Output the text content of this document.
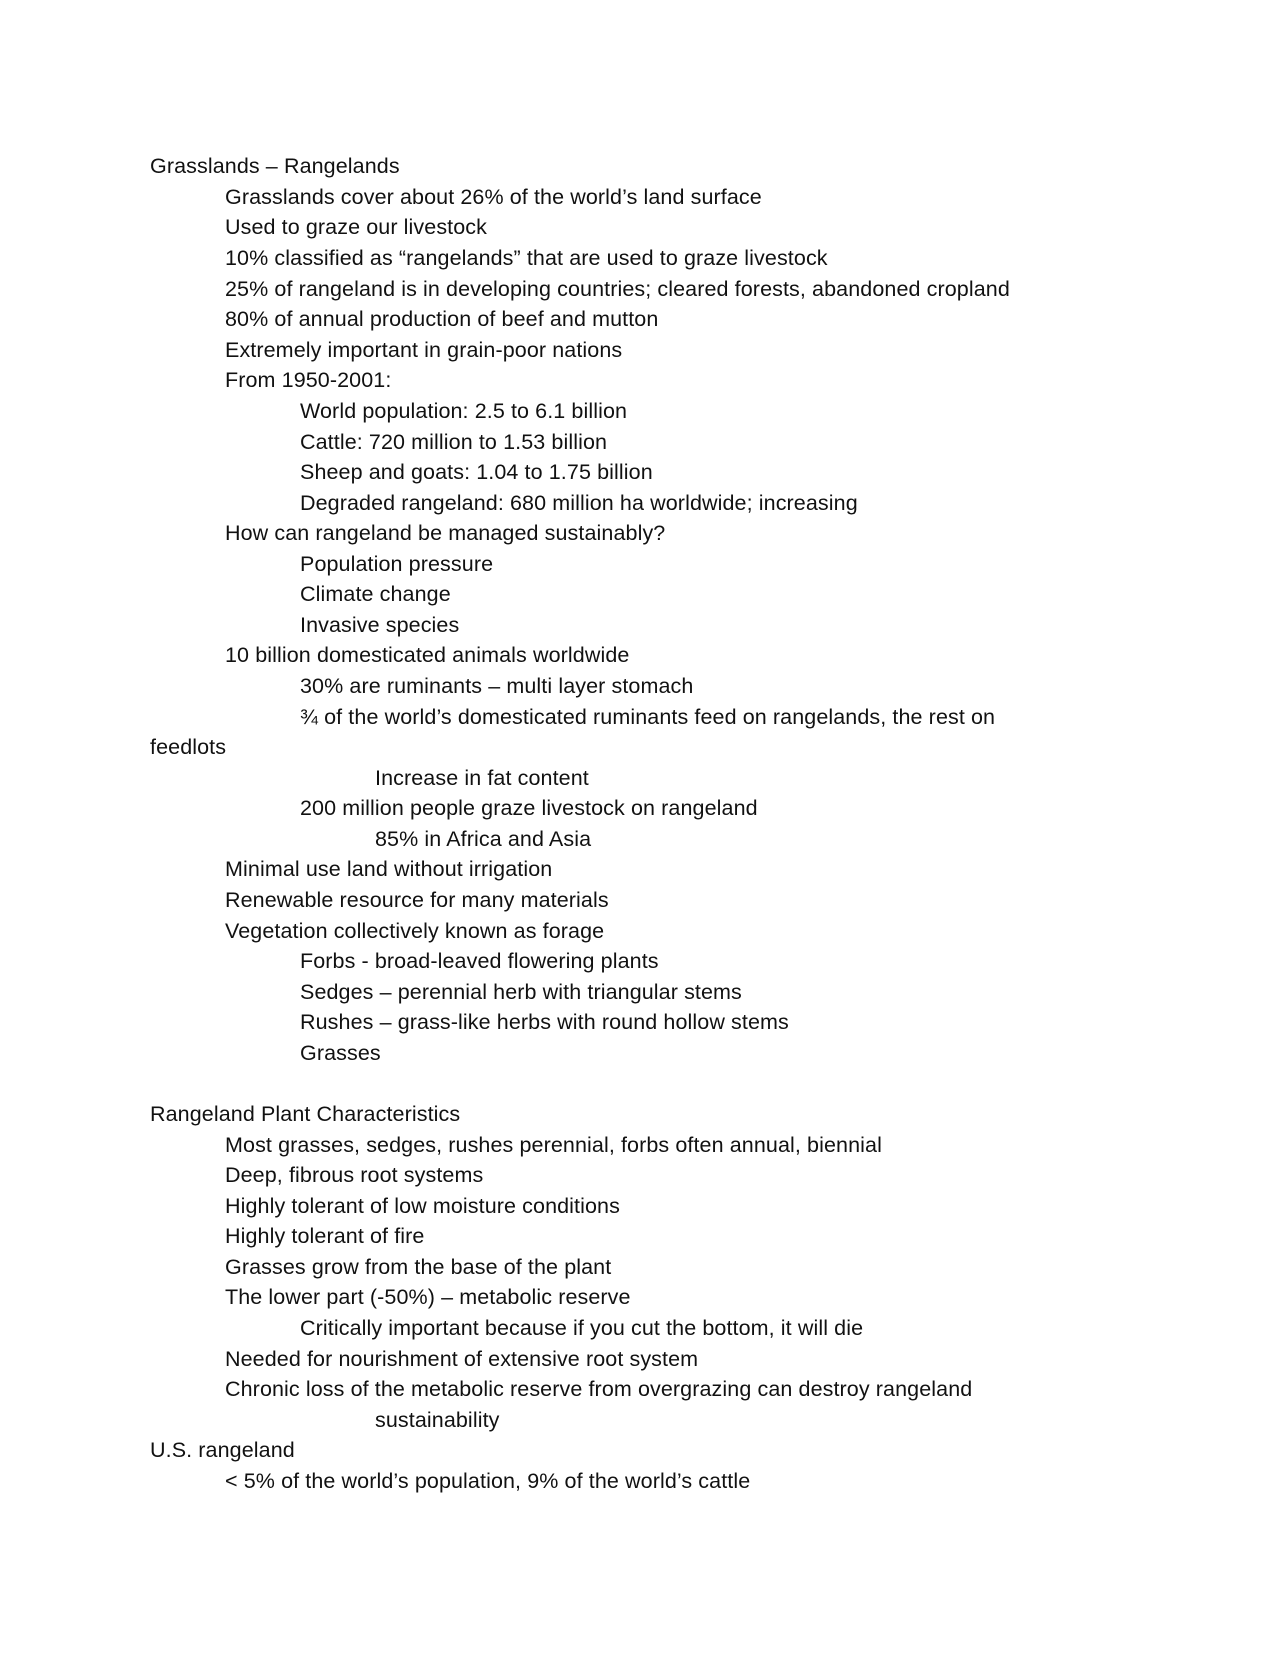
Grasslands – Rangelands
Grasslands cover about 26% of the world’s land surface
Used to graze our livestock
10% classified as “rangelands” that are used to graze livestock
25% of rangeland is in developing countries; cleared forests, abandoned cropland
80% of annual production of beef and mutton
Extremely important in grain-poor nations
From 1950-2001:
World population: 2.5 to 6.1 billion
Cattle: 720 million to 1.53 billion
Sheep and goats: 1.04 to 1.75 billion
Degraded rangeland: 680 million ha worldwide; increasing
How can rangeland be managed sustainably?
Population pressure
Climate change
Invasive species
10 billion domesticated animals worldwide
30% are ruminants – multi layer stomach
¾ of the world’s domesticated ruminants feed on rangelands, the rest on
feedlots
Increase in fat content
200 million people graze livestock on rangeland
85% in Africa and Asia
Minimal use land without irrigation
Renewable resource for many materials
Vegetation collectively known as forage
Forbs - broad-leaved flowering plants
Sedges – perennial herb with triangular stems
Rushes – grass-like herbs with round hollow stems
Grasses
Rangeland Plant Characteristics
Most grasses, sedges, rushes perennial, forbs often annual, biennial
Deep, fibrous root systems
Highly tolerant of low moisture conditions
Highly tolerant of fire
Grasses grow from the base of the plant
The lower part (-50%) – metabolic reserve
Critically important because if you cut the bottom, it will die
Needed for nourishment of extensive root system
Chronic loss of the metabolic reserve from overgrazing can destroy rangeland
sustainability
U.S. rangeland
< 5% of the world’s population, 9% of the world’s cattle
